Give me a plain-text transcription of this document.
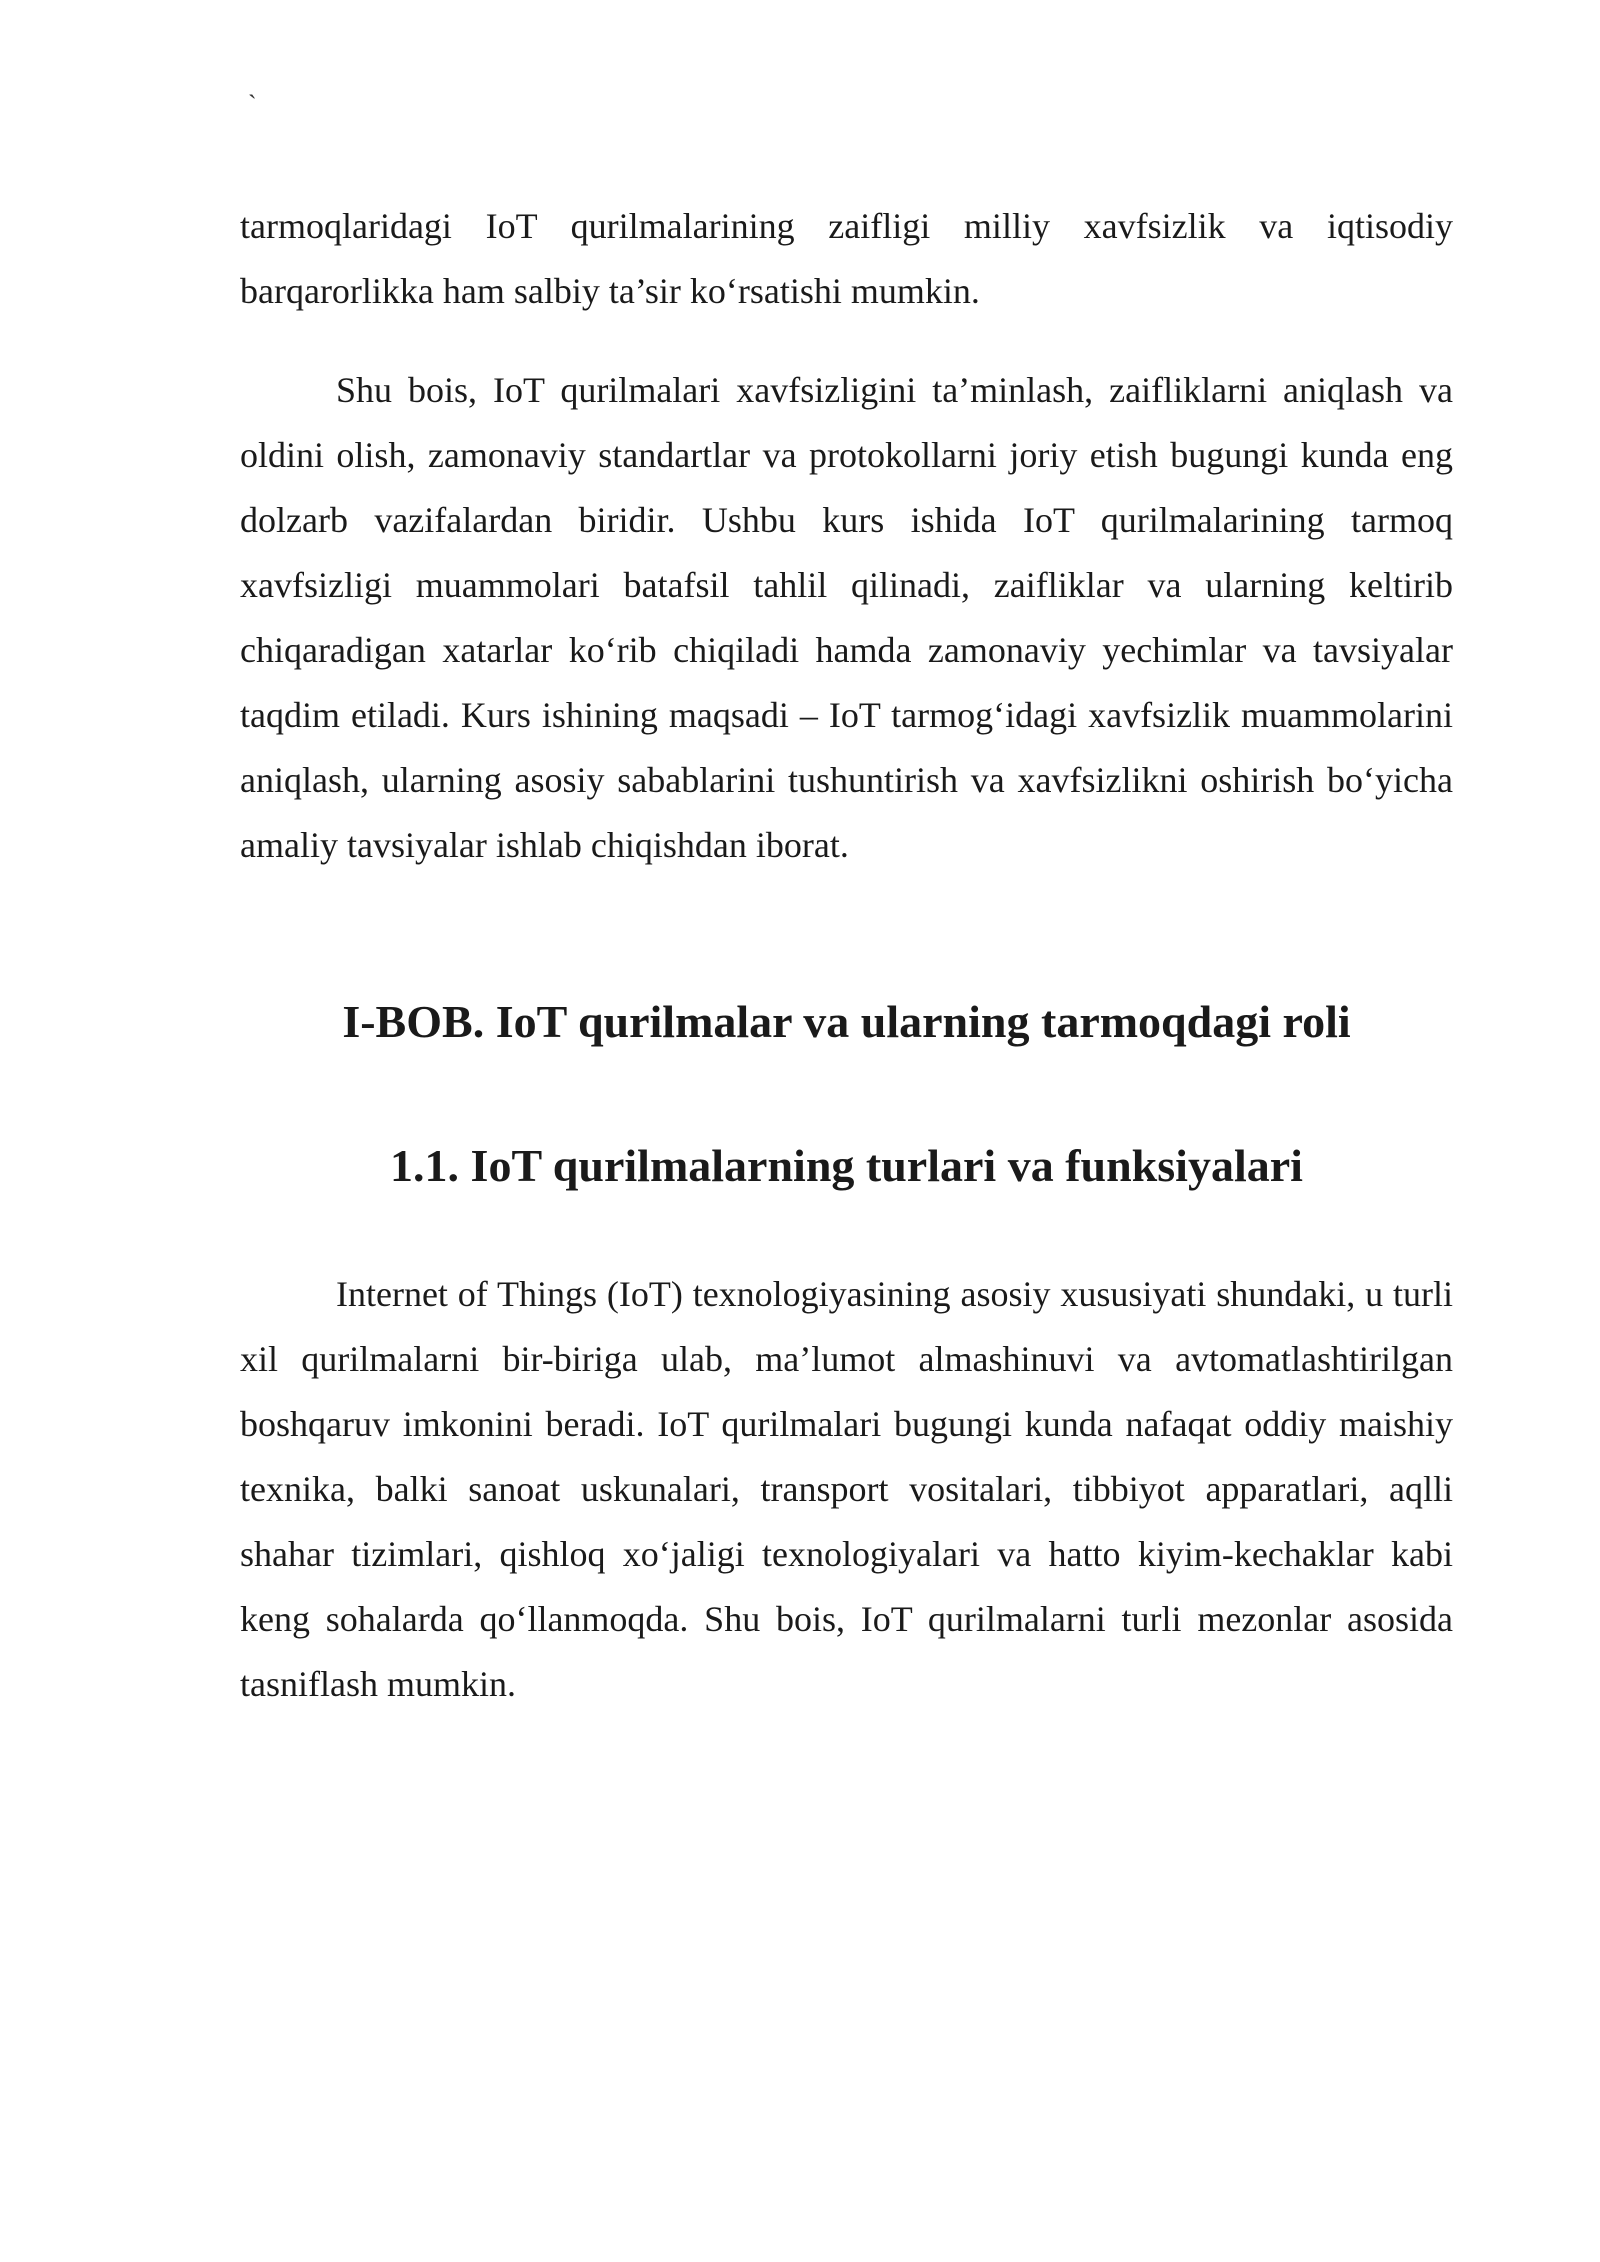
`

tarmoqlaridagi IoT qurilmalarining zaifligi milliy xavfsizlik va iqtisodiy barqarorlikka ham salbiy ta’sir ko‘rsatishi mumkin.

Shu bois, IoT qurilmalari xavfsizligini ta’minlash, zaifliklarni aniqlash va oldini olish, zamonaviy standartlar va protokollarni joriy etish bugungi kunda eng dolzarb vazifalardan biridir. Ushbu kurs ishida IoT qurilmalarining tarmoq xavfsizligi muammolari batafsil tahlil qilinadi, zaifliklar va ularning keltirib chiqaradigan xatarlar ko‘rib chiqiladi hamda zamonaviy yechimlar va tavsiyalar taqdim etiladi. Kurs ishining maqsadi – IoT tarmog‘idagi xavfsizlik muammolarini aniqlash, ularning asosiy sabablarini tushuntirish va xavfsizlikni oshirish bo‘yicha amaliy tavsiyalar ishlab chiqishdan iborat.

I-BOB. IoT qurilmalar va ularning tarmoqdagi roli
1.1. IoT qurilmalarning turlari va funksiyalari

Internet of Things (IoT) texnologiyasining asosiy xususiyati shundaki, u turli xil qurilmalarni bir-biriga ulab, ma’lumot almashinuvi va avtomatlashtirilgan boshqaruv imkonini beradi. IoT qurilmalari bugungi kunda nafaqat oddiy maishiy texnika, balki sanoat uskunalari, transport vositalari, tibbiyot apparatlari, aqlli shahar tizimlari, qishloq xo‘jaligi texnologiyalari va hatto kiyim-kechaklar kabi keng sohalarda qo‘llanmoqda. Shu bois, IoT qurilmalarni turli mezonlar asosida tasniflash mumkin.
